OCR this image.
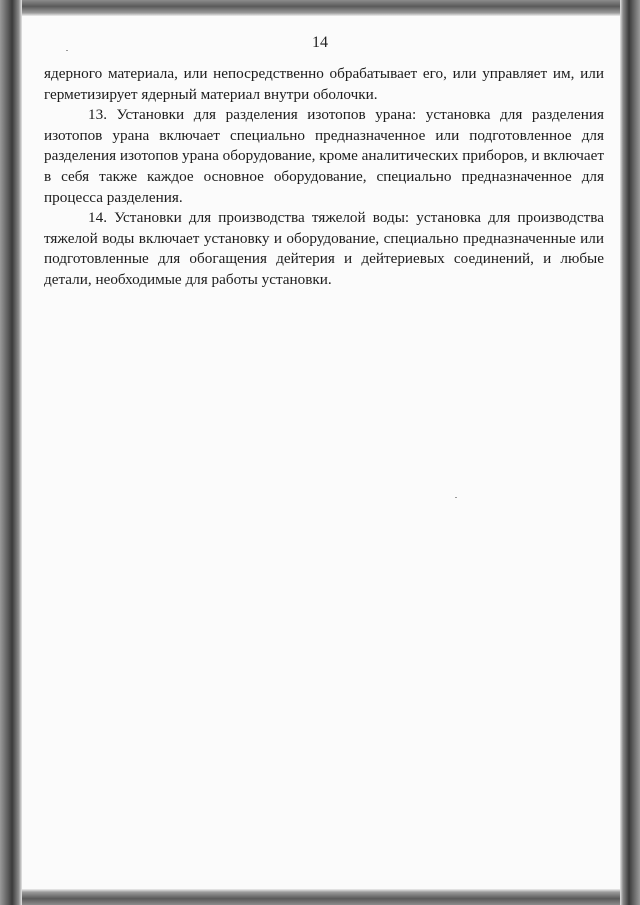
14

ядерного материала, или непосредственно обрабатывает его, или управляет им, или герметизирует ядерный материал внутри оболочки.

13. Установки для разделения изотопов урана: установка для разделения изотопов урана включает специально предназначенное или подготовленное для разделения изотопов урана оборудование, кроме аналитических приборов, и включает в себя также каждое основное оборудование, специально предназначенное для процесса разделения.

14. Установки для производства тяжелой воды: установка для производства тяжелой воды включает установку и оборудование, специально предназначенные или подготовленные для обогащения дейтерия и дейтериевых соединений, и любые детали, необходимые для работы установки.
